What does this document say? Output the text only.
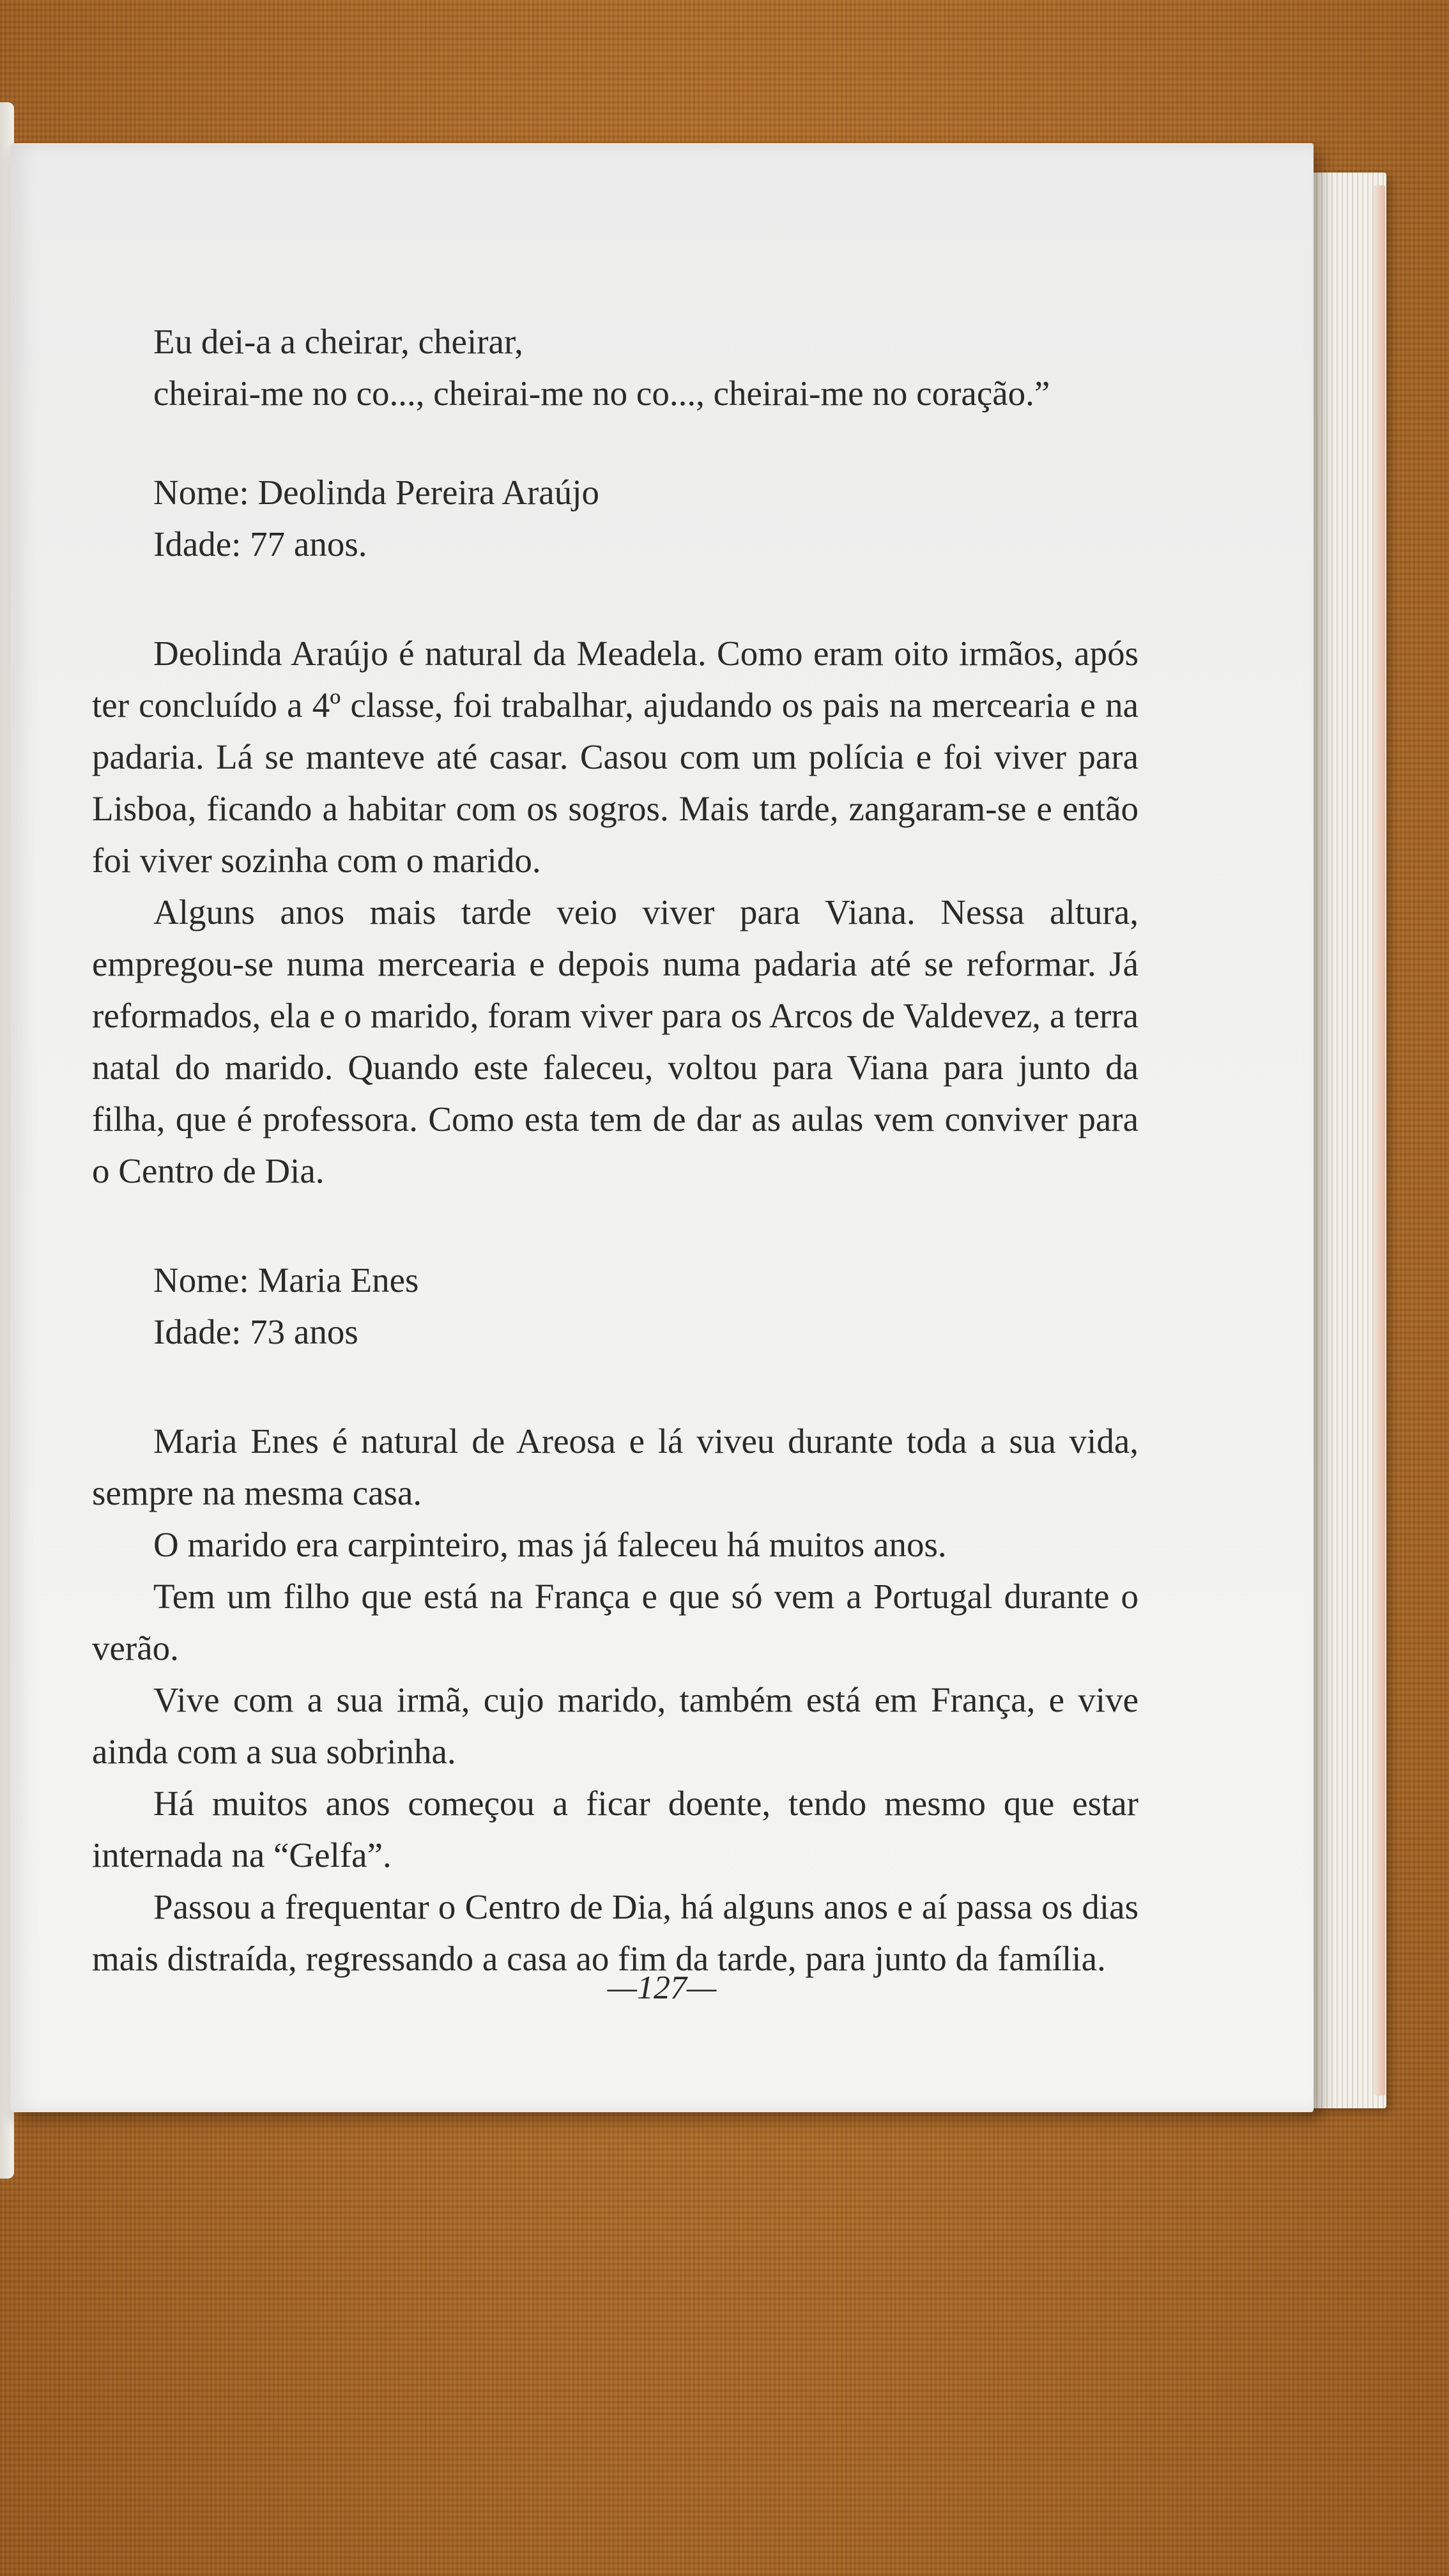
Eu dei-a a cheirar, cheirar,

cheirai-me no co..., cheirai-me no co..., cheirai-me no coração.”

Nome: Deolinda Pereira Araújo

Idade: 77 anos.

Deolinda Araújo é natural da Meadela. Como eram oito irmãos, após ter concluído a 4º classe, foi trabalhar, ajudando os pais na mercearia e na padaria. Lá se manteve até casar. Casou com um polícia e foi viver para Lisboa, ficando a habitar com os sogros. Mais tarde, zangaram-se e então foi viver sozinha com o marido.

Alguns anos mais tarde veio viver para Viana. Nessa altura, empregou-se numa mercearia e depois numa padaria até se reformar. Já reformados, ela e o marido, foram viver para os Arcos de Valdevez, a terra natal do marido. Quando este faleceu, voltou para Viana para junto da filha, que é professora. Como esta tem de dar as aulas vem conviver para o Centro de Dia.

Nome: Maria Enes

Idade: 73 anos

Maria Enes é natural de Areosa e lá viveu durante toda a sua vida, sempre na mesma casa.

O marido era carpinteiro, mas já faleceu há muitos anos.

Tem um filho que está na França e que só vem a Portugal durante o verão.

Vive com a sua irmã, cujo marido, também está em França, e vive ainda com a sua sobrinha.

Há muitos anos começou a ficar doente, tendo mesmo que estar internada na “Gelfa”.

Passou a frequentar o Centro de Dia, há alguns anos e aí passa os dias mais distraída, regressando a casa ao fim da tarde, para junto da família.

—127—
